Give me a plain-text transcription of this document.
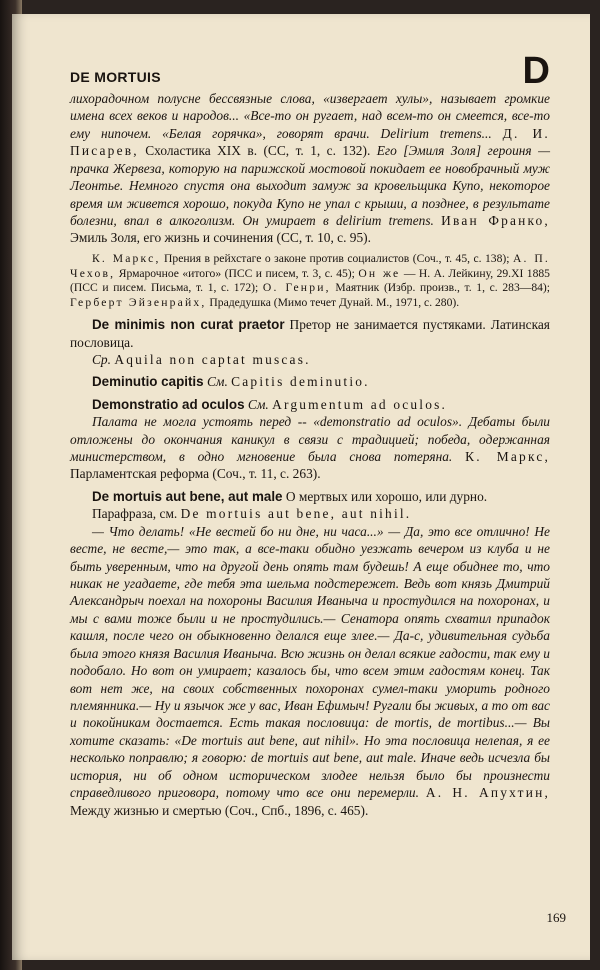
169
DE MORTUIS	D

лихорадочном полусне бессвязные слова, «извергает хулы», называет громкие имена всех веков и народов... «Все-то он ругает, над всем-то он смеется, все-то ему нипочем. «Белая горячка», говорят врачи. Delirium tremens... Д. И. Писарев, Схоластика XIX в. (СС, т. 1, с. 132). Его [Эмиля Золя] героиня — прачка Жервеза, которую на парижской мостовой покидает ее новобрачный муж Леонтье. Немного спустя она выходит замуж за кровельщика Купо, некоторое время им живется хорошо, покуда Купо не упал с крыши, а позднее, в результате болезни, впал в алкоголизм. Он умирает в delirium tremens. Иван Франко, Эмиль Золя, его жизнь и сочинения (СС, т. 10, с. 95).

К. Маркс, Прения в рейхстаге о законе против социалистов (Соч., т. 45, с. 138); А. П. Чехов, Ярмарочное «итого» (ПСС и писем, т. 3, с. 45); Он же — Н. А. Лейкину, 29.XI 1885 (ПСС и писем. Письма, т. 1, с. 172); О. Генри, Маятник (Избр. произв., т. 1, с. 283—84); Герберт Эйзенрайх, Прадедушка (Мимо течет Дунай. М., 1971, с. 280).

De minimis non curat praetor Претор не занимается пустяками. Латинская пословица.

Ср. Aquila non captat muscas.

Deminutio capitis См. Capitis deminutio.

Demonstratio ad oculos См. Argumentum ad oculos.

Палата не могла устоять перед -- «demonstratio ad oculos». Дебаты были отложены до окончания каникул в связи с традицией; победа, одержанная министерством, в одно мгновение была снова потеряна. К. Маркс, Парламентская реформа (Соч., т. 11, с. 263).

De mortuis aut bene, aut male О мертвых или хорошо, или дурно.

Парафраза, см. De mortuis aut bene, aut nihil.

— Что делать! «Не вестей бо ни дне, ни часа...» — Да, это все отлично! Не весте, не весте,— это так, а все-таки обидно уезжать вечером из клуба и не быть уверенным, что на другой день опять там будешь! А еще обиднее то, что никак не угадаете, где тебя эта шельма подстережет. Ведь вот князь Дмитрий Александрыч поехал на похороны Василия Иваныча и простудился на похоронах, и мы с вами тоже были и не простудились.— Сенатора опять схватил припадок кашля, после чего он обыкновенно делался еще злее.— Да-с, удивительная судьба была этого князя Василия Иваныча. Всю жизнь он делал всякие гадости, так ему и подобало. Но вот он умирает; казалось бы, что всем этим гадостям конец. Так вот нет же, на своих собственных похоронах сумел-таки уморить родного племянника.— Ну и язычок же у вас, Иван Ефимыч! Ругали бы живых, а то от вас и покойникам достается. Есть такая пословица: de mortis, de mortibus...— Вы хотите сказать: «De mortuis aut bene, aut nihil». Но эта пословица нелепая, я ее несколько поправлю; я говорю: de mortuis aut bene, aut male. Иначе ведь исчезла бы история, ни об одном историческом злодее нельзя было бы произнести справедливого приговора, потому что все они перемерли. А. Н. Апухтин, Между жизнью и смертью (Соч., Спб., 1896, с. 465).
